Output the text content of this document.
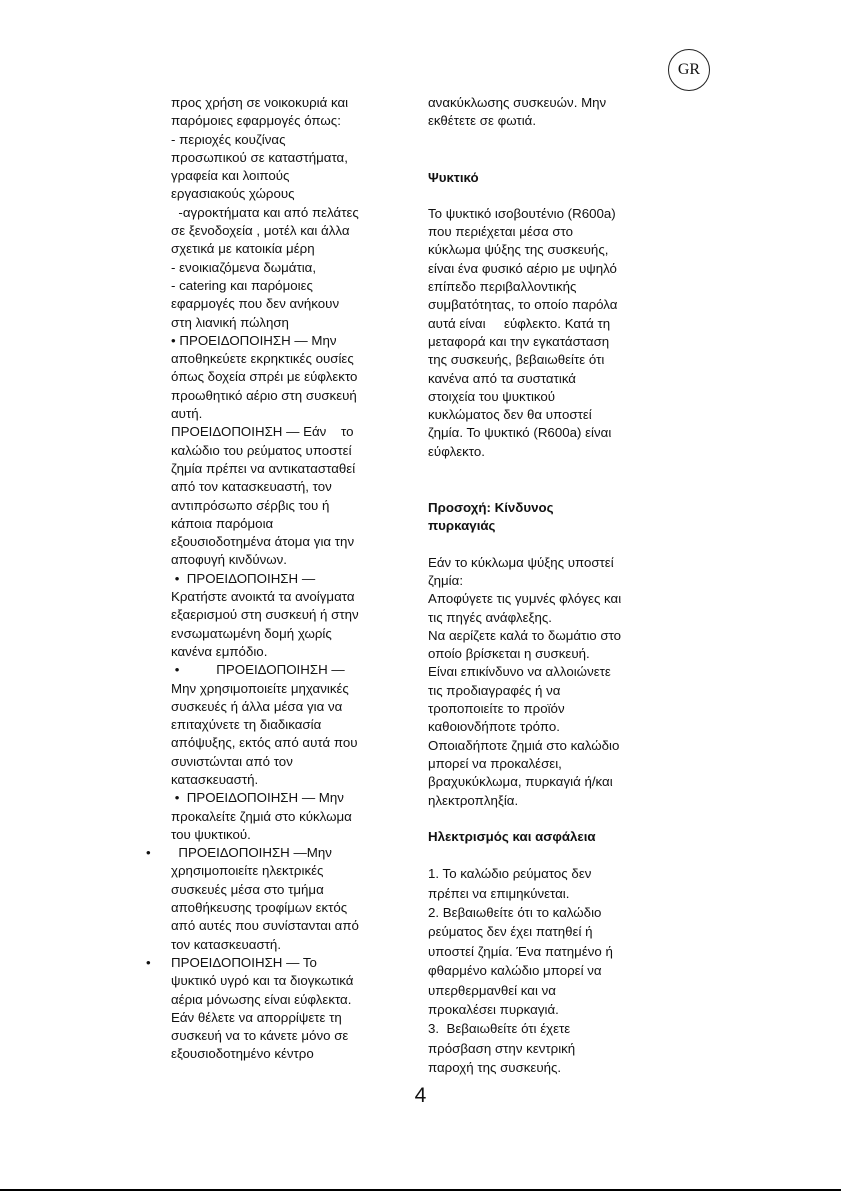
GR
προς χρήση σε νοικοκυριά και
παρόμοιες εφαρμογές όπως:
- περιοχές κουζίνας
προσωπικού σε καταστήματα,
γραφεία και λοιπούς
εργασιακούς χώρους
-αγροκτήματα και από πελάτες
σε ξενοδοχεία , μοτέλ και άλλα
σχετικά με κατοικία μέρη
- ενοικιαζόμενα δωμάτια,
- catering και παρόμοιες
εφαρμογές που δεν ανήκουν
στη λιανική πώληση
• ΠΡΟΕΙΔΟΠΟΙΗΣΗ — Μην
αποθηκεύετε εκρηκτικές ουσίες
όπως δοχεία σπρέι με εύφλεκτο
προωθητικό αέριο στη συσκευή
αυτή.
ΠΡΟΕΙΔΟΠΟΙΗΣΗ — Εάν    το
καλώδιο του ρεύματος υποστεί
ζημία πρέπει να αντικατασταθεί
από τον κατασκευαστή, τον
αντιπρόσωπο σέρβις του ή
κάποια παρόμοια
εξουσιοδοτημένα άτομα για την
αποφυγή κινδύνων.
•  ΠΡΟΕΙΔΟΠΟΙΗΣΗ —
Κρατήστε ανοικτά τα ανοίγματα
εξαερισμού στη συσκευή ή στην
ενσωματωμένη δομή χωρίς
κανένα εμπόδιο.
•          ΠΡΟΕΙΔΟΠΟΙΗΣΗ —
Μην χρησιμοποιείτε μηχανικές
συσκευές ή άλλα μέσα για να
επιταχύνετε τη διαδικασία
απόψυξης, εκτός από αυτά που
συνιστώνται από τον
κατασκευαστή.
•  ΠΡΟΕΙΔΟΠΟΙΗΣΗ — Μην
προκαλείτε ζημιά στο κύκλωμα
του ψυκτικού.
• ΠΡΟΕΙΔΟΠΟΙΗΣΗ —Μην
χρησιμοποιείτε ηλεκτρικές
συσκευές μέσα στο τμήμα
αποθήκευσης τροφίμων εκτός
από αυτές που συνίστανται από
τον κατασκευαστή.
• ΠΡΟΕΙΔΟΠΟΙΗΣΗ — Το
ψυκτικό υγρό και τα διογκωτικά
αέρια μόνωσης είναι εύφλεκτα.
Εάν θέλετε να απορρίψετε τη
συσκευή να το κάνετε μόνο σε
εξουσιοδοτημένο κέντρο
ανακύκλωσης συσκευών. Μην
εκθέτετε σε φωτιά.
Ψυκτικό
Το ψυκτικό ισοβουτένιο (R600a)
που περιέχεται μέσα στο
κύκλωμα ψύξης της συσκευής,
είναι ένα φυσικό αέριο με υψηλό
επίπεδο περιβαλλοντικής
συμβατότητας, το οποίο παρόλα
αυτά είναι     εύφλεκτο. Κατά τη
μεταφορά και την εγκατάσταση
της συσκευής, βεβαιωθείτε ότι
κανένα από τα συστατικά
στοιχεία του ψυκτικού
κυκλώματος δεν θα υποστεί
ζημία. Το ψυκτικό (R600a) είναι
εύφλεκτο.
Προσοχή: Κίνδυνος
πυρκαγιάς
Εάν το κύκλωμα ψύξης υποστεί
ζημία:
Αποφύγετε τις γυμνές φλόγες και
τις πηγές ανάφλεξης.
Να αερίζετε καλά το δωμάτιο στο
οποίο βρίσκεται η συσκευή.
Είναι επικίνδυνο να αλλοιώνετε
τις προδιαγραφές ή να
τροποποιείτε το προϊόν
καθοιονδήποτε τρόπο.
Οποιαδήποτε ζημιά στο καλώδιο
μπορεί να προκαλέσει,
βραχυκύκλωμα, πυρκαγιά ή/και
ηλεκτροπληξία.
Ηλεκτρισμός και ασφάλεια
1. Το καλώδιο ρεύματος δεν
πρέπει να επιμηκύνεται.
2. Βεβαιωθείτε ότι το καλώδιο
ρεύματος δεν έχει πατηθεί ή
υποστεί ζημία. Ένα πατημένο ή
φθαρμένο καλώδιο μπορεί να
υπερθερμανθεί και να
προκαλέσει πυρκαγιά.
3.  Βεβαιωθείτε ότι έχετε
πρόσβαση στην κεντρική
παροχή της συσκευής.
4
